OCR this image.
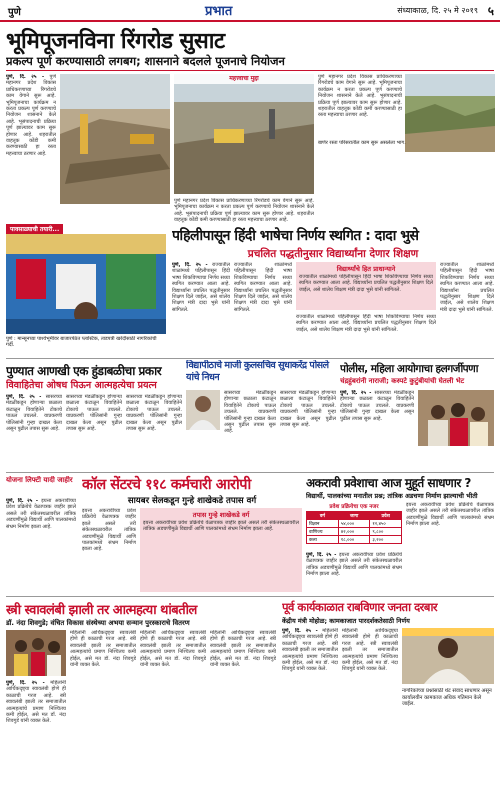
पुणे	प्रभात	संध्याकाळ, दि. २५ मे २०१९ ५
भूमिपूजनविना रिंगरोड सुसाट
प्रकल्प पूर्ण करण्यासाठी लगबग; शासनाने बदलले पूजनाचे नियोजन
पुणे, दि. २५ - पुणे महानगर प्रदेश विकास प्राधिकरणाच्या रिंगरोडचे काम वेगाने सुरू आहे. भूमिपूजनाचा कार्यक्रम न करता प्रकल्प पूर्ण करण्याचे नियोजन शासनाने केले आहे. भूसंपादनाची प्रक्रिया पूर्ण झाल्यावर काम सुरू होणार आहे. शहरातील वाहतूक कोंडी कमी करण्यासाठी हा रस्ता महत्त्वाचा ठरणार आहे.
महत्त्वाचा मुद्दा
पुणे महानगर प्रदेश विकास प्राधिकरणाच्या रिंगरोडचे काम वेगाने सुरू आहे. भूमिपूजनाचा कार्यक्रम न करता प्रकल्प पूर्ण करण्याचे नियोजन शासनाने केले आहे. भूसंपादनाची प्रक्रिया पूर्ण झाल्यावर काम सुरू होणार आहे. शहरातील वाहतूक कोंडी कमी करण्यासाठी हा रस्ता महत्त्वाचा ठरणार आहे.
पुणे महानगर प्रदेश विकास प्राधिकरणाच्या रिंगरोडचे काम वेगाने सुरू आहे. भूमिपूजनाचा कार्यक्रम न करता प्रकल्प पूर्ण करण्याचे नियोजन शासनाने केले आहे. भूसंपादनाची प्रक्रिया पूर्ण झाल्यावर काम सुरू होणार आहे. शहरातील वाहतूक कोंडी कमी करण्यासाठी हा रस्ता महत्त्वाचा ठरणार आहे.
बाणेर रस्ता परिसरातील काम सुरू असलेला भाग.
पावसाळ्याची तयारी...
पुणे : मान्सूनच्या पार्श्वभूमीवर बाजारपेठेत प्लास्टिक, ताडपत्री खरेदीसाठी नागरिकांची गर्दी.
पहिलीपासून हिंदी भाषेचा निर्णय स्थगित : दादा भुसे
प्रचलित पद्धतीनुसार विद्यार्थ्यांना देणार शिक्षण
पुणे, दि. २५ - राज्यातील शाळांमध्ये पहिलीपासून हिंदी भाषा शिकविण्याचा निर्णय सध्या स्थगित करण्यात आला आहे. विद्यार्थ्यांना प्रचलित पद्धतीनुसार शिक्षण दिले जाईल, असे शालेय शिक्षण मंत्री दादा भुसे यांनी सांगितले.
राज्यातील शाळांमध्ये पहिलीपासून हिंदी भाषा शिकविण्याचा निर्णय सध्या स्थगित करण्यात आला आहे. विद्यार्थ्यांना प्रचलित पद्धतीनुसार शिक्षण दिले जाईल, असे शालेय शिक्षण मंत्री दादा भुसे यांनी सांगितले.
विद्यार्थ्यांचे हित प्राधान्याने
राज्यातील शाळांमध्ये पहिलीपासून हिंदी भाषा शिकविण्याचा निर्णय सध्या स्थगित करण्यात आला आहे. विद्यार्थ्यांना प्रचलित पद्धतीनुसार शिक्षण दिले जाईल, असे शालेय शिक्षण मंत्री दादा भुसे यांनी सांगितले.
राज्यातील शाळांमध्ये पहिलीपासून हिंदी भाषा शिकविण्याचा निर्णय सध्या स्थगित करण्यात आला आहे. विद्यार्थ्यांना प्रचलित पद्धतीनुसार शिक्षण दिले जाईल, असे शालेय शिक्षण मंत्री दादा भुसे यांनी सांगितले.
राज्यातील शाळांमध्ये पहिलीपासून हिंदी भाषा शिकविण्याचा निर्णय सध्या स्थगित करण्यात आला आहे. विद्यार्थ्यांना प्रचलित पद्धतीनुसार शिक्षण दिले जाईल, असे शालेय शिक्षण मंत्री दादा भुसे यांनी सांगितले.
पुण्यात आणखी एक हुंडाबळीचा प्रकार
विवाहितेचा ओषध पिऊन आत्महत्येचा प्रयत्न
पुणे, दि. २५ - सासरच्या मंडळींकडून होणाऱ्या छळाला कंटाळून विवाहितेने टोकाचे पाऊल उचलले. याप्रकरणी पोलिसांनी गुन्हा दाखल केला असून पुढील तपास सुरू आहे.
सासरच्या मंडळींकडून होणाऱ्या छळाला कंटाळून विवाहितेने टोकाचे पाऊल उचलले. याप्रकरणी पोलिसांनी गुन्हा दाखल केला असून पुढील तपास सुरू आहे.
सासरच्या मंडळींकडून होणाऱ्या छळाला कंटाळून विवाहितेने टोकाचे पाऊल उचलले. याप्रकरणी पोलिसांनी गुन्हा दाखल केला असून पुढील तपास सुरू आहे.
विद्यापीठाचे माजी कुलसचिव सुधाकरेंद्र पोसले यांचे निधन
सासरच्या मंडळींकडून होणाऱ्या छळाला कंटाळून विवाहितेने टोकाचे पाऊल उचलले. याप्रकरणी पोलिसांनी गुन्हा दाखल केला असून पुढील तपास सुरू आहे.
सासरच्या मंडळींकडून होणाऱ्या छळाला कंटाळून विवाहितेने टोकाचे पाऊल उचलले. याप्रकरणी पोलिसांनी गुन्हा दाखल केला असून पुढील तपास सुरू आहे.
पोलीस, महिला आयोगाचा हलगर्जीपणा
चंद्रहुंबरांनी नाराजी; कस्पटे कुटुंबीयांची घेतली भेट
पुणे, दि. २५ - सासरच्या मंडळींकडून होणाऱ्या छळाला कंटाळून विवाहितेने टोकाचे पाऊल उचलले. याप्रकरणी पोलिसांनी गुन्हा दाखल केला असून पुढील तपास सुरू आहे.
योजना लिफ्टी यादी जाहीर
पुणे, दि. २५ - इयत्ता अकरावीच्या प्रवेश प्रक्रियेचे वेळापत्रक जाहीर झाले असले तरी संकेतस्थळावरील तांत्रिक अडचणींमुळे विद्यार्थी आणि पालकांमध्ये संभ्रम निर्माण झाला आहे.
कॉल सेंटरचे ११८ कर्मचारी आरोपी
सायबर सेलकडून गुन्हे शाखेकडे तपास वर्ग
इयत्ता अकरावीच्या प्रवेश प्रक्रियेचे वेळापत्रक जाहीर झाले असले तरी संकेतस्थळावरील तांत्रिक अडचणींमुळे विद्यार्थी आणि पालकांमध्ये संभ्रम निर्माण झाला आहे.
तपास गुन्हे शाखेकडे वर्ग
इयत्ता अकरावीच्या प्रवेश प्रक्रियेचे वेळापत्रक जाहीर झाले असले तरी संकेतस्थळावरील तांत्रिक अडचणींमुळे विद्यार्थी आणि पालकांमध्ये संभ्रम निर्माण झाला आहे.
अकरावी प्रवेशाचा आज मुहूर्त साधणार ?
विद्यार्थी, पालकांच्या मनातील प्रश्न; तांत्रिक अडचणा निर्माण झाल्याची भीती
प्रवेश प्रक्रियेचा एक नजर
वर्ग	जागा	प्रवेश
विज्ञान	५४,०००	१२,४५०
वाणिज्य	४२,०००	९,८००
कला	१८,०००	३,२००
पुणे, दि. २५ - इयत्ता अकरावीच्या प्रवेश प्रक्रियेचे वेळापत्रक जाहीर झाले असले तरी संकेतस्थळावरील तांत्रिक अडचणींमुळे विद्यार्थी आणि पालकांमध्ये संभ्रम निर्माण झाला आहे.
इयत्ता अकरावीच्या प्रवेश प्रक्रियेचे वेळापत्रक जाहीर झाले असले तरी संकेतस्थळावरील तांत्रिक अडचणींमुळे विद्यार्थी आणि पालकांमध्ये संभ्रम निर्माण झाला आहे.
स्त्री स्वावलंबी झाली तर आत्महत्या थांबतील
डॉ. नंदा शिवगुडे; वंचित विकास संस्थेच्या अभया सन्मान पुरस्काराचे वितरण
पुणे, दि. २५ - महिलांनी आर्थिकदृष्ट्या स्वावलंबी होणे ही काळाची गरज आहे. स्त्री स्वावलंबी झाली तर समाजातील आत्महत्यांचे प्रमाण निश्चितच कमी होईल, असे मत डॉ. नंदा शिवगुडे यांनी व्यक्त केले.
महिलांनी आर्थिकदृष्ट्या स्वावलंबी होणे ही काळाची गरज आहे. स्त्री स्वावलंबी झाली तर समाजातील आत्महत्यांचे प्रमाण निश्चितच कमी होईल, असे मत डॉ. नंदा शिवगुडे यांनी व्यक्त केले.
महिलांनी आर्थिकदृष्ट्या स्वावलंबी होणे ही काळाची गरज आहे. स्त्री स्वावलंबी झाली तर समाजातील आत्महत्यांचे प्रमाण निश्चितच कमी होईल, असे मत डॉ. नंदा शिवगुडे यांनी व्यक्त केले.
महिलांनी आर्थिकदृष्ट्या स्वावलंबी होणे ही काळाची गरज आहे. स्त्री स्वावलंबी झाली तर समाजातील आत्महत्यांचे प्रमाण निश्चितच कमी होईल, असे मत डॉ. नंदा शिवगुडे यांनी व्यक्त केले.
पूर्व कार्यकाळात राबविणार जनता दरबार
केंद्रीय मंत्री मोहोळ; कामकाजात पारदर्शकतेसाठी निर्णय
पुणे, दि. २५ - महिलांनी आर्थिकदृष्ट्या स्वावलंबी होणे ही काळाची गरज आहे. स्त्री स्वावलंबी झाली तर समाजातील आत्महत्यांचे प्रमाण निश्चितच कमी होईल, असे मत डॉ. नंदा शिवगुडे यांनी व्यक्त केले.
महिलांनी आर्थिकदृष्ट्या स्वावलंबी होणे ही काळाची गरज आहे. स्त्री स्वावलंबी झाली तर समाजातील आत्महत्यांचे प्रमाण निश्चितच कमी होईल, असे मत डॉ. नंदा शिवगुडे यांनी व्यक्त केले.
नागरिकांच्या प्रश्नांसाठी थेट संवाद साधणार असून कार्यालयीन कामकाज अधिक गतिमान केले जाईल.
